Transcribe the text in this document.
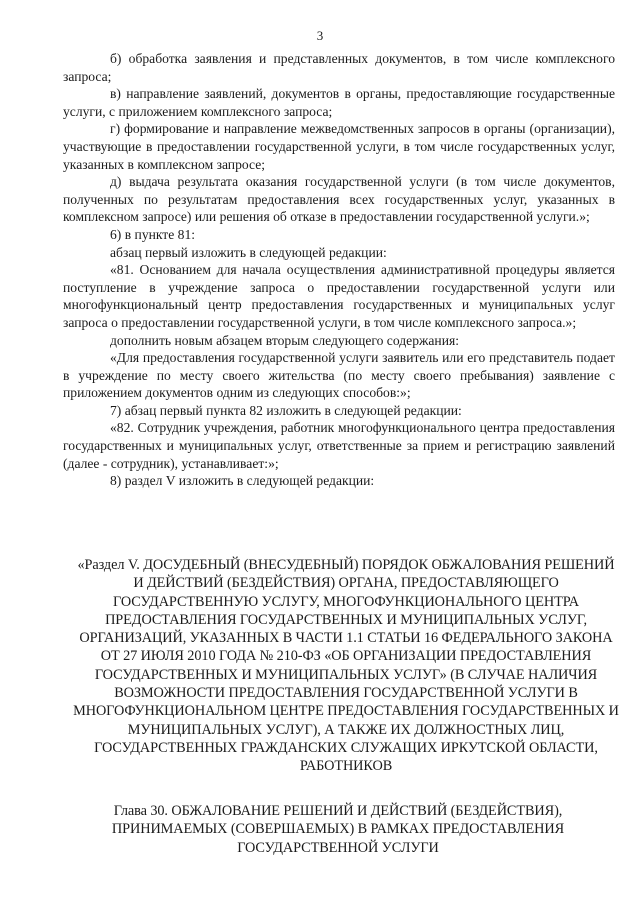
3

б) обработка заявления и представленных документов, в том числе комплексного запроса;

в) направление заявлений, документов в органы, предоставляющие государственные услуги, с приложением комплексного запроса;

г) формирование и направление межведомственных запросов в органы (организации), участвующие в предоставлении государственной услуги, в том числе государственных услуг, указанных в комплексном запросе;

д) выдача результата оказания государственной услуги (в том числе документов, полученных по результатам предоставления всех государственных услуг, указанных в комплексном запросе) или решения об отказе в предоставлении государственной услуги.»;

6) в пункте 81:

абзац первый изложить в следующей редакции:

«81. Основанием для начала осуществления административной процедуры является поступление в учреждение запроса о предоставлении государственной услуги или многофункциональный центр предоставления государственных и муниципальных услуг запроса о предоставлении государственной услуги, в том числе комплексного запроса.»;

дополнить новым абзацем вторым следующего содержания:

«Для предоставления государственной услуги заявитель или его представитель подает в учреждение по месту своего жительства (по месту своего пребывания) заявление с приложением документов одним из следующих способов:»;

7) абзац первый пункта 82 изложить в следующей редакции:

«82. Сотрудник учреждения, работник многофункционального центра предоставления государственных и муниципальных услуг, ответственные за прием и регистрацию заявлений (далее - сотрудник), устанавливает:»;

8) раздел V изложить в следующей редакции:

«Раздел V. ДОСУДЕБНЫЙ (ВНЕСУДЕБНЫЙ) ПОРЯДОК ОБЖАЛОВАНИЯ РЕШЕНИЙ И ДЕЙСТВИЙ (БЕЗДЕЙСТВИЯ) ОРГАНА, ПРЕДОСТАВЛЯЮЩЕГО ГОСУДАРСТВЕННУЮ УСЛУГУ, МНОГОФУНКЦИОНАЛЬНОГО ЦЕНТРА ПРЕДОСТАВЛЕНИЯ ГОСУДАРСТВЕННЫХ И МУНИЦИПАЛЬНЫХ УСЛУГ, ОРГАНИЗАЦИЙ, УКАЗАННЫХ В ЧАСТИ 1.1 СТАТЬИ 16 ФЕДЕРАЛЬНОГО ЗАКОНА ОТ 27 ИЮЛЯ 2010 ГОДА № 210-ФЗ «ОБ ОРГАНИЗАЦИИ ПРЕДОСТАВЛЕНИЯ ГОСУДАРСТВЕННЫХ И МУНИЦИПАЛЬНЫХ УСЛУГ» (В СЛУЧАЕ НАЛИЧИЯ ВОЗМОЖНОСТИ ПРЕДОСТАВЛЕНИЯ ГОСУДАРСТВЕННОЙ УСЛУГИ В МНОГОФУНКЦИОНАЛЬНОМ ЦЕНТРЕ ПРЕДОСТАВЛЕНИЯ ГОСУДАРСТВЕННЫХ И МУНИЦИПАЛЬНЫХ УСЛУГ), А ТАКЖЕ ИХ ДОЛЖНОСТНЫХ ЛИЦ, ГОСУДАРСТВЕННЫХ ГРАЖДАНСКИХ СЛУЖАЩИХ ИРКУТСКОЙ ОБЛАСТИ, РАБОТНИКОВ
Глава 30. ОБЖАЛОВАНИЕ РЕШЕНИЙ И ДЕЙСТВИЙ (БЕЗДЕЙСТВИЯ), ПРИНИМАЕМЫХ (СОВЕРШАЕМЫХ) В РАМКАХ ПРЕДОСТАВЛЕНИЯ ГОСУДАРСТВЕННОЙ УСЛУГИ
